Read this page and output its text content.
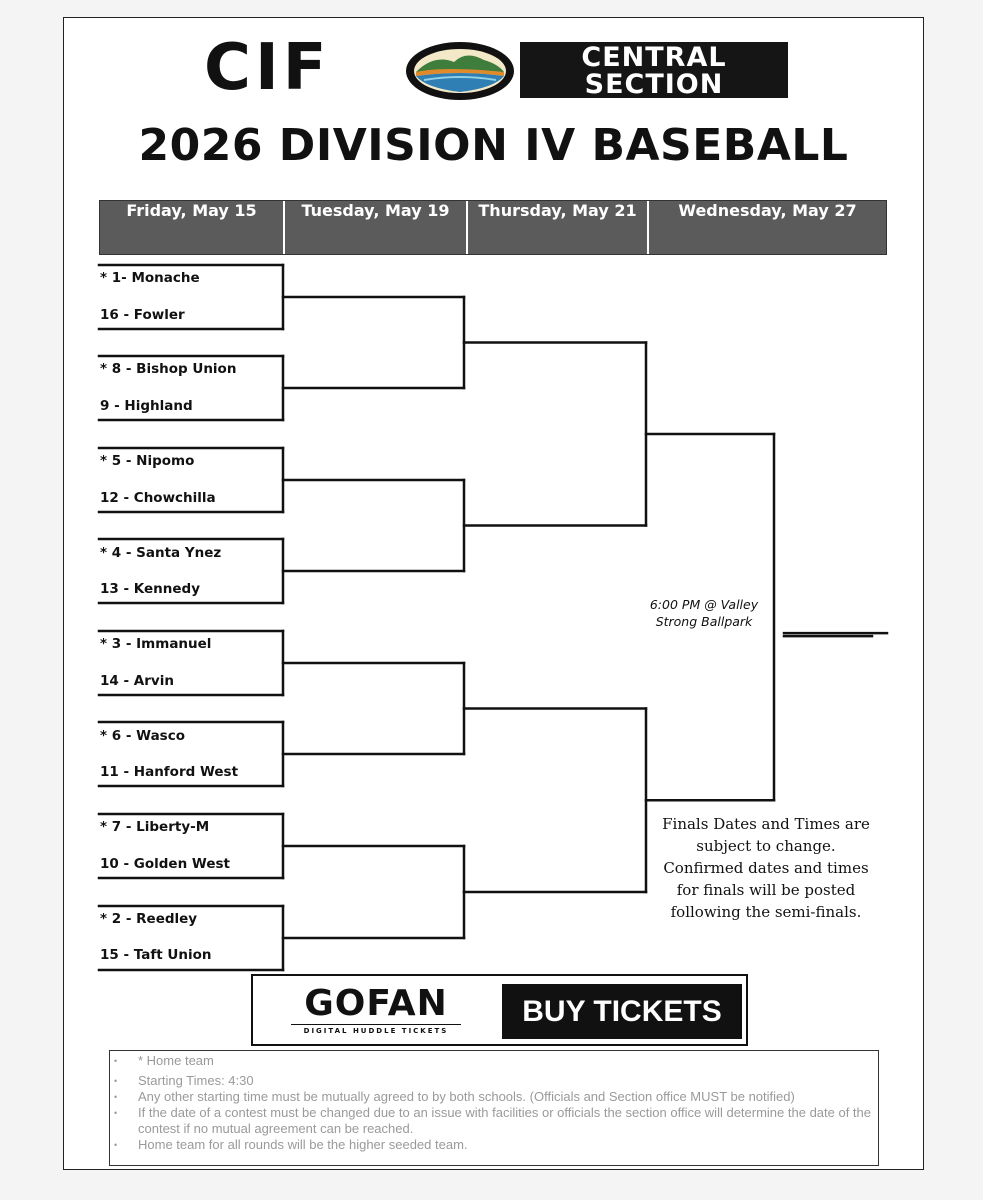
CIF	CENTRAL
SECTION
2026 DIVISION IV BASEBALL
Friday, May 15	Tuesday, May 19	Thursday, May 21	Wednesday, May 27
* 1- Monache
16 - Fowler
* 8 - Bishop Union
9 - Highland
* 5 - Nipomo
12 - Chowchilla
* 4 - Santa Ynez
13 - Kennedy
* 3 - Immanuel
14 - Arvin
* 6 - Wasco
11 - Hanford West
* 7 - Liberty-M
10 - Golden West
* 2 - Reedley
15 - Taft Union
6:00 PM @ Valley
Strong Ballpark
Finals Dates and Times are
subject to change.
Confirmed dates and times
for finals will be posted
following the semi-finals.
GOFAN
DIGITAL HUDDLE TICKETS
BUY TICKETS
• * Home team
• Starting Times: 4:30
• Any other starting time must be mutually agreed to by both schools. (Officials and Section office MUST be notified)
• If the date of a contest must be changed due to an issue with facilities or officials the section office will determine the date of the contest if no mutual agreement can be reached.
• Home team for all rounds will be the higher seeded team.
